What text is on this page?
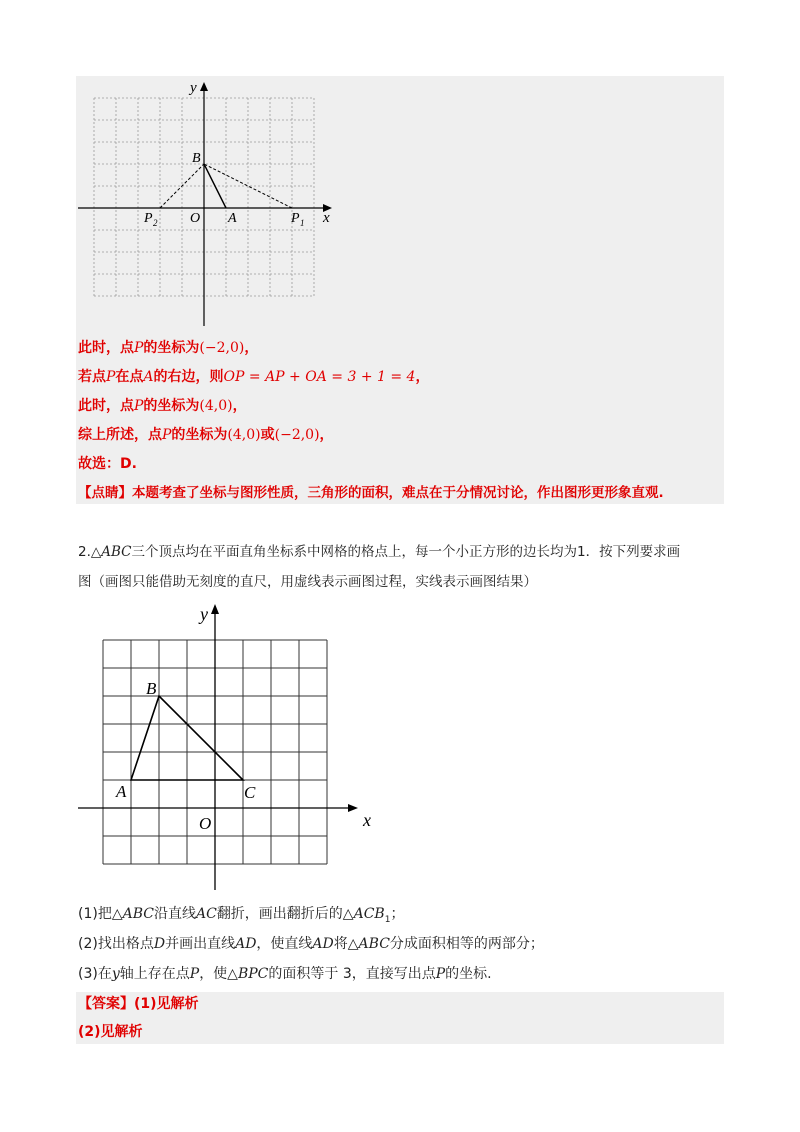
y
x
B
O A
P 2	P 1
此时，点P的坐标为(−2,0)，
若点P在点A的右边，则OP = AP + OA = 3 + 1 = 4，
此时，点P的坐标为(4,0)，
综上所述，点P的坐标为(4,0)或(−2,0)，
故选：D.
【点睛】本题考查了坐标与图形性质，三角形的面积，难点在于分情况讨论，作出图形更形象直观.
2.△ABC三个顶点均在平面直角坐标系中网格的格点上，每一个小正方形的边长均为1．按下列要求画
图（画图只能借助无刻度的直尺，用虚线表示画图过程，实线表示画图结果）
y
x
B
A	C
O
(1)把△ABC沿直线AC翻折，画出翻折后的$\triangle ACB_1$；
(2)找出格点D并画出直线AD，使直线AD将△ABC分成面积相等的两部分；
(3)在y轴上存在点P，使△BPC的面积等于 3，直接写出点P的坐标.
【答案】(1)见解析
(2)见解析
